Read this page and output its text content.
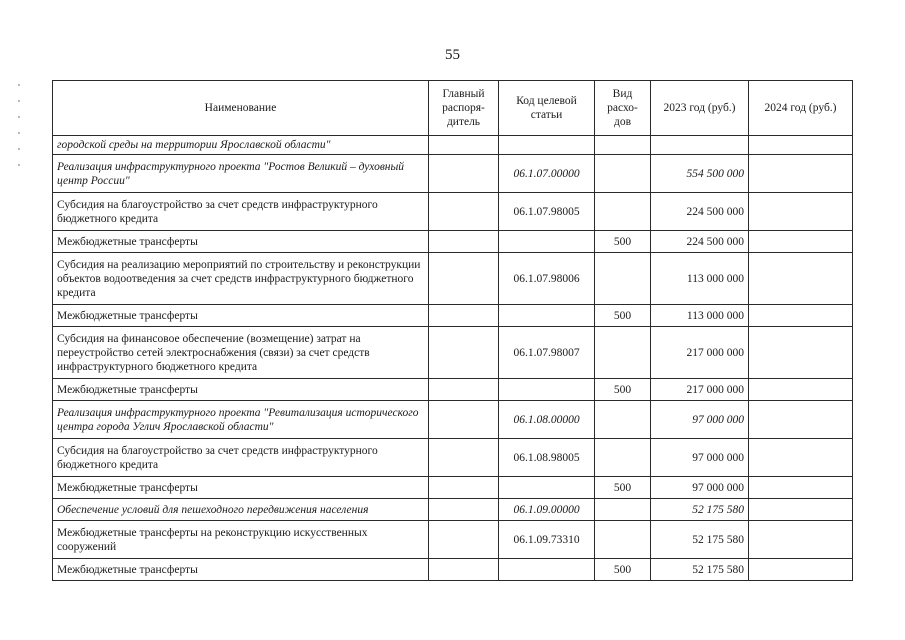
55
Наименование	Главный распоря- дитель	Код целевой статьи	Вид расхо- дов	2023 год (руб.)	2024 год (руб.)
городской среды на территории Ярославской области"					
Реализация инфраструктурного проекта "Ростов Великий – духовный центр России"		06.1.07.00000		554 500 000	
Субсидия на благоустройство за счет средств инфраструктурного бюджетного кредита		06.1.07.98005		224 500 000	
Межбюджетные трансферты			500	224 500 000	
Субсидия на реализацию мероприятий по строительству и реконструкции объектов водоотведения за счет средств инфраструктурного бюджетного кредита		06.1.07.98006		113 000 000	
Межбюджетные трансферты			500	113 000 000	
Субсидия на финансовое обеспечение (возмещение) затрат на переустройство сетей электроснабжения (связи) за счет средств инфраструктурного бюджетного кредита		06.1.07.98007		217 000 000	
Межбюджетные трансферты			500	217 000 000	
Реализация инфраструктурного проекта "Ревитализация исторического центра города Углич Ярославской области"		06.1.08.00000		97 000 000	
Субсидия на благоустройство за счет средств инфраструктурного бюджетного кредита		06.1.08.98005		97 000 000	
Межбюджетные трансферты			500	97 000 000	
Обеспечение условий для пешеходного передвижения населения		06.1.09.00000		52 175 580	
Межбюджетные трансферты на реконструкцию искусственных сооружений		06.1.09.73310		52 175 580	
Межбюджетные трансферты			500	52 175 580	
